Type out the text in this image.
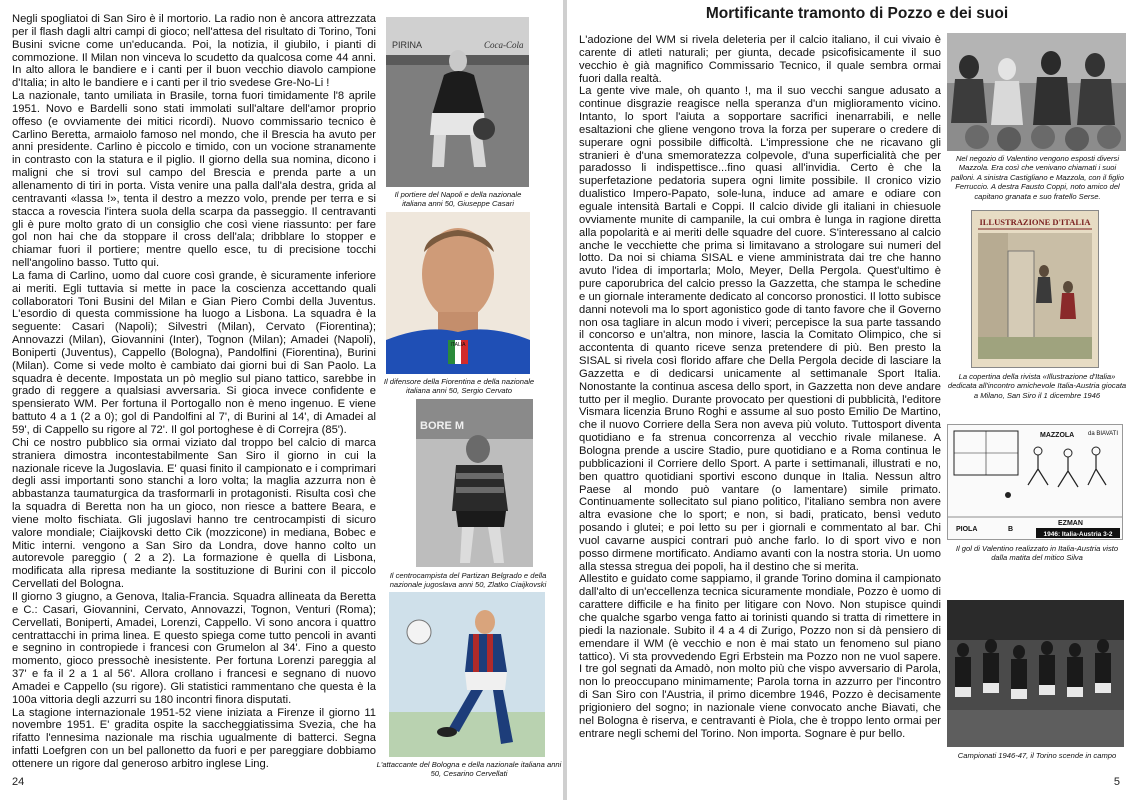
Negli spogliatoi di San Siro è il mortorio. La radio non è ancora attrezzata per il flash dagli altri campi di gioco; nell'attesa del risultato di Torino, Toni Busini svicne come un'educanda. Poi, la notizia, il giubilo, i pianti di commozione. Il Milan non vinceva lo scudetto da qualcosa come 44 anni. In alto allora le bandiere e i canti per il buon vecchio diavolo campione d'Italia; in alto le bandiere e i canti per il trio svedese Gre-No-Li !

La nazionale, tanto umiliata in Brasile, torna fuori timidamente l'8 aprile 1951. Novo e Bardelli sono stati immolati sull'altare dell'amor proprio offeso (e ovviamente dei mitici ricordi). Nuovo commissario tecnico è Carlino Beretta, armaiolo famoso nel mondo, che il Brescia ha avuto per anni presidente. Carlino è piccolo e timido, con un vocione stranamente in contrasto con la statura e il piglio. Il giorno della sua nomina, dicono i maligni che si trovi sul campo del Brescia e prenda parte a un allenamento di tiri in porta. Vista venire una palla dall'ala destra, grida al centravanti «lassa !», tenta il destro a mezzo volo, prende per terra e si stacca a rovescia l'intera suola della scarpa da passeggio. Il centravanti gli è pure molto grato di un consiglio che così viene riassunto: per fare gol non hai che da stoppare il cross dell'ala; dribblare lo stopper e chiamar fuori il portiere; mentre quello esce, tu di precisione tocchi nell'angolino basso. Tutto qui.

La fama di Carlino, uomo dal cuore così grande, è sicuramente inferiore ai meriti. Egli tuttavia si mette in pace la coscienza accettando quali collaboratori Toni Busini del Milan e Gian Piero Combi della Juventus. L'esordio di questa commissione ha luogo a Lisbona. La squadra è la seguente: Casari (Napoli); Silvestri (Milan), Cervato (Fiorentina); Annovazzi (Milan), Giovannini (Inter), Tognon (Milan); Amadei (Napoli), Boniperti (Juventus), Cappello (Bologna), Pandolfini (Fiorentina), Burini (Milan). Come si vede molto è cambiato dai giorni bui di San Paolo. La squadra è decente. Impostata un pò meglio sul piano tattico, sarebbe in grado di reggere a qualsiasi avversaria. Si gioca invece confidente e spensierato WM. Per fortuna il Portogallo non è meno ingenuo. E viene battuto 4 a 1 (2 a 0); gol di Pandolfini al 7', di Burini al 14', di Amadei al 59', di Cappello su rigore al 72'. Il gol portoghese è di Correjra (85').

Chi ce nostro pubblico sia ormai viziato dal troppo bel calcio di marca straniera dimostra incontestabilmente San Siro il giorno in cui la nazionale riceve la Jugoslavia. E' quasi finito il campionato e i comprimari degli assi importanti sono stanchi a loro volta; la maglia azzurra non è abbastanza taumaturgica da trasformarli in protagonisti. Risulta così che la squadra di Beretta non ha un gioco, non riesce a battere Beara, e viene molto fischiata. Gli jugoslavi hanno tre centrocampisti di sicuro valore mondiale; Ciaijkovski detto Cik (mozzicone) in mediana, Bobec e Mitic interni. vengono a San Siro da Londra, dove hanno colto un autorevole pareggio ( 2 a 2). La formazione è quella di Lisbona, modificata alla ripresa mediante la sostituzione di Burini con il piccolo Cervellati del Bologna.

Il giorno 3 giugno, a Genova, Italia-Francia. Squadra allineata da Beretta e C.: Casari, Giovannini, Cervato, Annovazzi, Tognon, Venturi (Roma); Cervellati, Boniperti, Amadei, Lorenzi, Cappello. Vi sono ancora i quattro centrattacchi in prima linea. E questo spiega come tutto pencoli in avanti e segnino in contropiede i francesi con Grumelon al 34'. Fino a questo momento, gioco pressochè inesistente. Per fortuna Lorenzi pareggia al 37' e fa il 2 a 1 al 56'. Allora crollano i francesi e segnano di nuovo Amadei e Cappello (su rigore). Gli statistici rammentano che questa è la 100a vittoria degli azzurri su 180 incontri finora disputati.

La stagione internazionale 1951-52 viene iniziata a Firenze il giorno 11 novembre 1951. E' gradita ospite la saccheggiatissima Svezia, che ha rifatto l'ennesima nazionale ma rischia ugualmente di batterci. Segna infatti Loefgren con un bel pallonetto da fuori e per pareggiare dobbiamo ottenere un rigore dal generoso arbitro inglese Ling.

PIRINA	Coca-Cola
Il portiere del Napoli e della nazionale italiana anni 50, Giuseppe Casari
ITALIA
Il difensore della Fiorentina e della nazionale italiana anni 50, Sergio Cervato
BORE M
Il centrocampista del Partizan Belgrado e della nazionale jugoslava anni 50, Zlatko Ciaijkovski
L'attaccante del Bologna e della nazionale italiana anni 50, Cesarino Cervellati
24
Mortificante tramonto di Pozzo e dei suoi

L'adozione del WM si rivela deleteria per il calcio italiano, il cui vivaio è carente di atleti naturali; per giunta, decade psicofisicamente il suo vecchio è già magnifico Commissario Tecnico, il quale sembra ormai fuori dalla realtà.

La gente vive male, oh quanto !, ma il suo vecchi sangue adusato a continue disgrazie reagisce nella speranza d'un miglioramento vicino. Intanto, lo sport l'aiuta a sopportare sacrifici inenarrabili, e nelle esaltazioni che gliene vengono trova la forza per superare o credere di superare ogni possibile difficoltà. L'impressione che ne ricavano gli stranieri è d'una smemoratezza colpevole, d'una superficialità che per paradosso li indispettisce...fino quasi all'invidia. Certo è che la superfetazione pedatoria supera ogni limite possibile. Il cronico vizio dualistico Impero-Papato, sole-luna, induce ad amare e odiare con eguale intensità Bartali e Coppi. Il calcio divide gli italiani in chiesuole ovviamente munite di campanile, la cui ombra è lunga in ragione diretta alla popolarità e ai meriti delle squadre del cuore. S'interessano al calcio anche le vecchiette che prima si limitavano a strologare sui numeri del lotto. Da noi si chiama SISAL e viene amministrata dai tre che hanno avuto l'idea di importarla; Molo, Meyer, Della Pergola. Quest'ultimo è pure caporubrica del calcio presso la Gazzetta, che stampa le schedine e un giornale interamente dedicato al concorso pronostici. Il lotto subisce danni notevoli ma lo sport agonistico gode di tanto favore che il Governo non osa tagliare in alcun modo i viveri; percepisce la sua parte tassando il concorso e un'altra, non minore, lascia la Comitato Olimpico, che si accontenta di quanto riceve senza pretendere di più. Ben presto la SISAL si rivela così florido affare che Della Pergola decide di lasciare la Gazzetta e di dedicarsi unicamente al settimanale Sport Italia. Nonostante la continua ascesa dello sport, in Gazzetta non deve andare tutto per il meglio. Durante provocato per questioni di pubblicità, l'editore Vismara licenzia Bruno Roghi e assume al suo posto Emilio De Martino, che il nuovo Corriere della Sera non aveva più voluto. Tuttosport diventa quotidiano e fa strenua concorrenza al vecchio rivale milanese. A Bologna prende a uscire Stadio, pure quotidiano e a Roma continua le pubblicazioni il Corriere dello Sport. A parte i settimanali, illustrati e no, ben quattro quotidiani sportivi escono dunque in Italia. Nessun altro Paese al mondo può vantare (o lamentare) simile primato. Continuamente sollecitato sul piano politico, l'italiano sembra non avere altra evasione che lo sport; e non, si badi, praticato, bensì veduto posando i glutei; e poi letto su per i giornali e commentato al bar. Chi vuol cavarne auspici contrari può anche farlo. Io di sport vivo e non posso dirmene mortificato. Andiamo avanti con la nostra storia. Un uomo alla stessa stregua dei popoli, ha il destino che si merita.

Allestito e guidato come sappiamo, il grande Torino domina il campionato dall'alto di un'eccellenza tecnica sicuramente mondiale, Pozzo è uomo di carattere difficile e ha finito per litigare con Novo. Non stupisce quindi che qualche sgarbo venga fatto ai torinisti quando si tratta di rimettere in piedi la nazionale. Subito il 4 a 4 di Zurigo, Pozzo non si dà pensiero di emendare il WM (è vecchio e non è mai stato un fenomeno sul piano tattico). Vi sta provvedendo Egri Erbstein ma Pozzo non ne vuol sapere. I tre gol segnati da Amadò, non molto più che vispo avversario di Parola, non lo preoccupano minimamente; Parola torna in azzurro per l'incontro di San Siro con l'Austria, il primo dicembre 1946, Pozzo è decisamente prigioniero del sogno; in nazionale viene convocato anche Biavati, che nel Bologna è riserva, e centravanti è Piola, che è troppo lento ormai per entrare negli schemi del Torino. Non importa. Sognare è pur bello.

Nel negozio di Valentino vengono esposti diversi Mazzola. Era così che venivano chiamati i suoi palloni. A sinistra Castigliano e Mazzola, con il figlio Ferruccio. A destra Fausto Coppi, noto amico del capitano granata e suo fratello Serse.
ILLUSTRAZIONE D'ITALIA
La copertina della rivista «Illustrazione d'Italia» dedicata all'incontro amichevole Italia-Austria giocata a Milano, San Siro il 1 dicembre 1946
MAZZOLA da BIAVATI
PIOLA	B
EZMAN
1946: Italia-Austria 3-2
Il gol di Valentino realizzato in Italia-Austria visto dalla matita del mitico Silva
Campionati 1946-47, il Torino scende in campo
5
